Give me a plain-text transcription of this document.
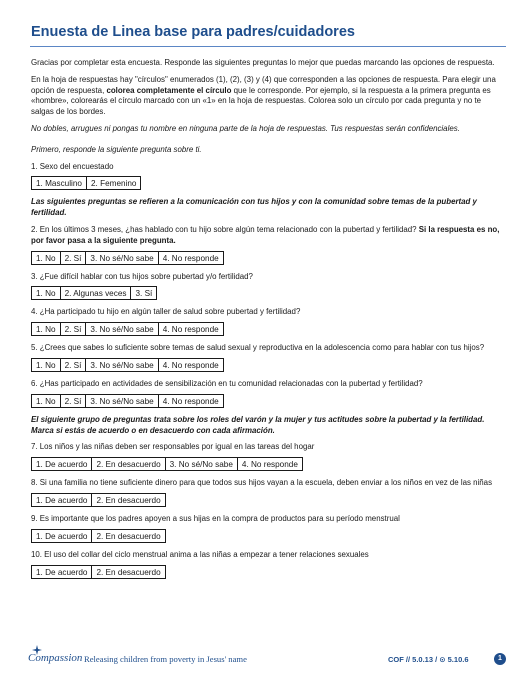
Enuesta de Linea base para padres/cuidadores

Gracias por completar esta encuesta. Responde las siguientes preguntas lo mejor que puedas marcando las opciones de respuesta.

En la hoja de respuestas hay "círculos" enumerados (1), (2), (3) y (4) que corresponden a las opciones de respuesta. Para elegir una opción de respuesta, colorea completamente el círculo que le corresponde. Por ejemplo, si la respuesta a la primera pregunta es «hombre», colorearás el círculo marcado con un «1» en la hoja de respuestas. Colorea solo un círculo por cada pregunta y no te salgas de los bordes.

No dobles, arrugues ni pongas tu nombre en ninguna parte de la hoja de respuestas. Tus respuestas serán confidenciales.

Primero, responde la siguiente pregunta sobre ti.

1. Sexo del encuestado

1. Masculino	2. Femenino

Las siguientes preguntas se refieren a la comunicación con tus hijos y con la comunidad sobre temas de la pubertad y fertilidad.

2. En los últimos 3 meses, ¿has hablado con tu hijo sobre algún tema relacionado con la pubertad y fertilidad? Si la respuesta es no, por favor pasa a la siguiente pregunta.

1. No	2. Sí	3. No sé/No sabe	4. No responde

3. ¿Fue difícil hablar con tus hijos sobre pubertad y/o fertilidad?

1. No	2. Algunas veces	3. Sí

4. ¿Ha participado tu hijo en algún taller de salud sobre pubertad y fertilidad?

1. No	2. Sí	3. No sé/No sabe	4. No responde

5. ¿Crees que sabes lo suficiente sobre temas de salud sexual y reproductiva en la adolescencia como para hablar con tus hijos?

1. No	2. Sí	3. No sé/No sabe	4. No responde

6. ¿Has participado en actividades de sensibilización en tu comunidad relacionadas con la pubertad y fertilidad?

1. No	2. Sí	3. No sé/No sabe	4. No responde

El siguiente grupo de preguntas trata sobre los roles del varón y la mujer y tus actitudes sobre la pubertad y la fertilidad. Marca si estás de acuerdo o en desacuerdo con cada afirmación.

7. Los niños y las niñas deben ser responsables por igual en las tareas del hogar

1. De acuerdo	2. En desacuerdo	3. No sé/No sabe	4. No responde

8. Si una familia no tiene suficiente dinero para que todos sus hijos vayan a la escuela, deben enviar a los niños en vez de las niñas

1. De acuerdo	2. En desacuerdo

9. Es importante que los padres apoyen a sus hijas en la compra de productos para su período menstrual

1. De acuerdo	2. En desacuerdo

10. El uso del collar del ciclo menstrual anima a las niñas a empezar a tener relaciones sexuales

1. De acuerdo	2. En desacuerdo
Compassion Releasing children from poverty in Jesus' name	COF // 5.0.13 / ⊙ 5.10.6	1
